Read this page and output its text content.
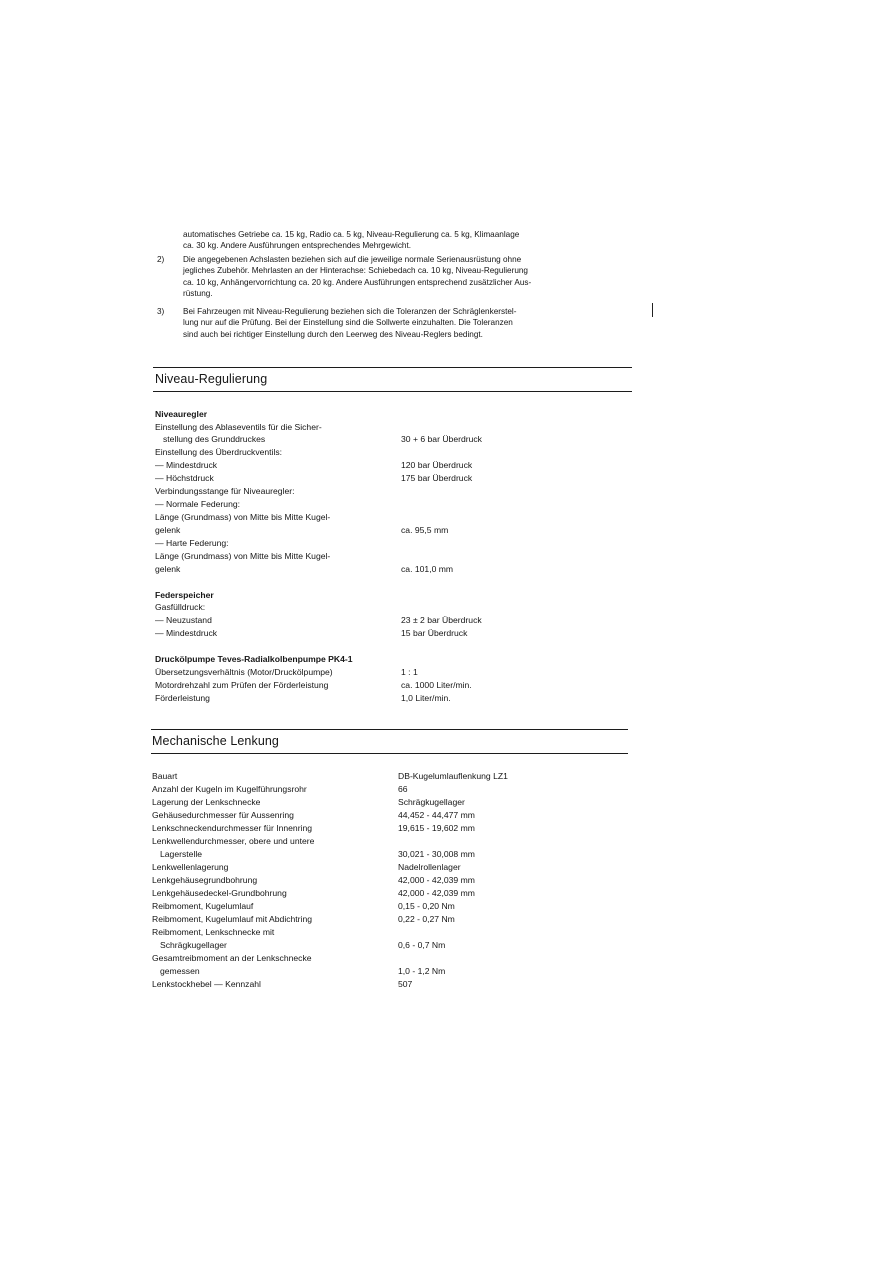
automatisches Getriebe ca. 15 kg, Radio ca. 5 kg, Niveau-Regulierung ca. 5 kg, Klimaanlage
ca. 30 kg. Andere Ausführungen entsprechendes Mehrgewicht.
2) Die angegebenen Achslasten beziehen sich auf die jeweilige normale Serienausrüstung ohne
jegliches Zubehör. Mehrlasten an der Hinterachse: Schiebedach ca. 10 kg, Niveau-Regulierung
ca. 10 kg, Anhängervorrichtung ca. 20 kg. Andere Ausführungen entsprechend zusätzlicher Aus-
rüstung.
3) Bei Fahrzeugen mit Niveau-Regulierung beziehen sich die Toleranzen der Schräglenkerstel-
lung nur auf die Prüfung. Bei der Einstellung sind die Sollwerte einzuhalten. Die Toleranzen
sind auch bei richtiger Einstellung durch den Leerweg des Niveau-Reglers bedingt.
Niveau-Regulierung
Niveauregler
Einstellung des Ablaseventils für die Sicher-
stellung des Grunddruckes	30 + 6 bar Überdruck
Einstellung des Überdruckventils:
— Mindestdruck	120 bar Überdruck
— Höchstdruck	175 bar Überdruck
Verbindungsstange für Niveauregler:
— Normale Federung:
Länge (Grundmass) von Mitte bis Mitte Kugel-
gelenk	ca. 95,5 mm
— Harte Federung:
Länge (Grundmass) von Mitte bis Mitte Kugel-
gelenk	ca. 101,0 mm
Federspeicher
Gasfülldruck:
— Neuzustand	23 ± 2 bar Überdruck
— Mindestdruck	15 bar Überdruck
Druckölpumpe Teves-Radialkolbenpumpe PK4-1
Übersetzungsverhältnis (Motor/Druckölpumpe)	1 : 1
Motordrehzahl zum Prüfen der Förderleistung	ca. 1000 Liter/min.
Förderleistung	1,0 Liter/min.
Mechanische Lenkung
Bauart	DB-Kugelumlauflenkung LZ1
Anzahl der Kugeln im Kugelführungsrohr	66
Lagerung der Lenkschnecke	Schrägkugellager
Gehäusedurchmesser für Aussenring	44,452 - 44,477 mm
Lenkschneckendurchmesser für Innenring	19,615 - 19,602 mm
Lenkwellendurchmesser, obere und untere
Lagerstelle	30,021 - 30,008 mm
Lenkwellenlagerung	Nadelrollenlager
Lenkgehäusegrundbohrung	42,000 - 42,039 mm
Lenkgehäusedeckel-Grundbohrung	42,000 - 42,039 mm
Reibmoment, Kugelumlauf	0,15 - 0,20 Nm
Reibmoment, Kugelumlauf mit Abdichtring	0,22 - 0,27 Nm
Reibmoment, Lenkschnecke mit
Schrägkugellager	0,6 - 0,7 Nm
Gesamtreibmoment an der Lenkschnecke
gemessen	1,0 - 1,2 Nm
Lenkstockhebel — Kennzahl	507
